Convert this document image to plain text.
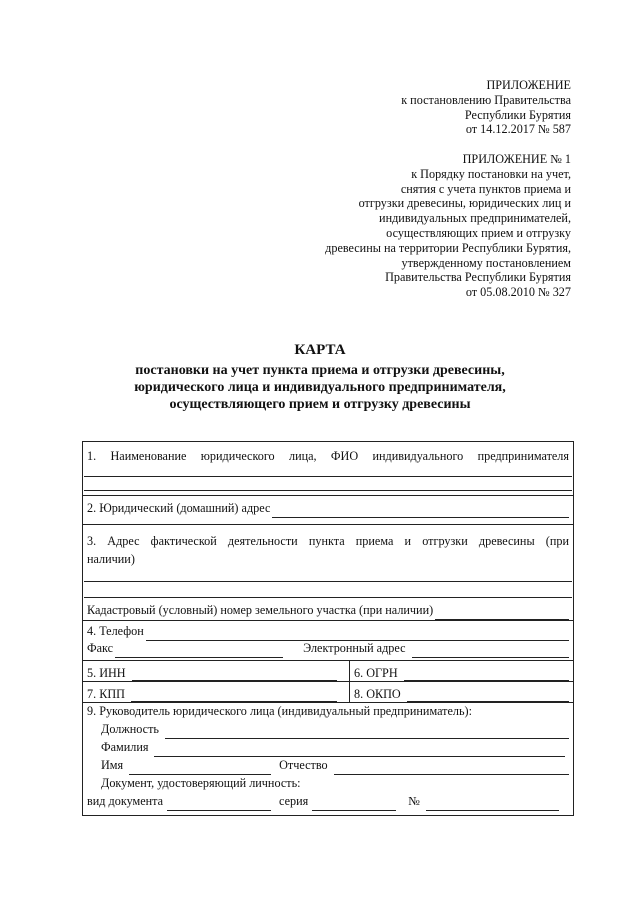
ПРИЛОЖЕНИЕ
к постановлению Правительства
Республики Бурятия
от 14.12.2017 № 587
ПРИЛОЖЕНИЕ № 1
к Порядку постановки на учет,
снятия с учета пунктов приема и
отгрузки древесины, юридических лиц и
индивидуальных предпринимателей,
осуществляющих прием и отгрузку
древесины на территории Республики Бурятия,
утвержденному постановлением
Правительства Республики Бурятия
от 05.08.2010 № 327
КАРТА
постановки на учет пункта приема и отгрузки древесины,
юридического лица и индивидуального предпринимателя,
осуществляющего прием и отгрузку древесины
1. Наименование юридического лица, ФИО индивидуального предпринимателя
2. Юридический (домашний) адрес
3. Адрес фактической деятельности пункта приема и отгрузки древесины (при
наличии)
Кадастровый (условный) номер земельного участка (при наличии)
4. Телефон
Факс	Электронный адрес
5. ИНН	6. ОГРН
7. КПП	8. ОКПО
9. Руководитель юридического лица (индивидуальный предприниматель):
Должность
Фамилия
Имя	Отчество
Документ, удостоверяющий личность:
вид документа	серия	№
